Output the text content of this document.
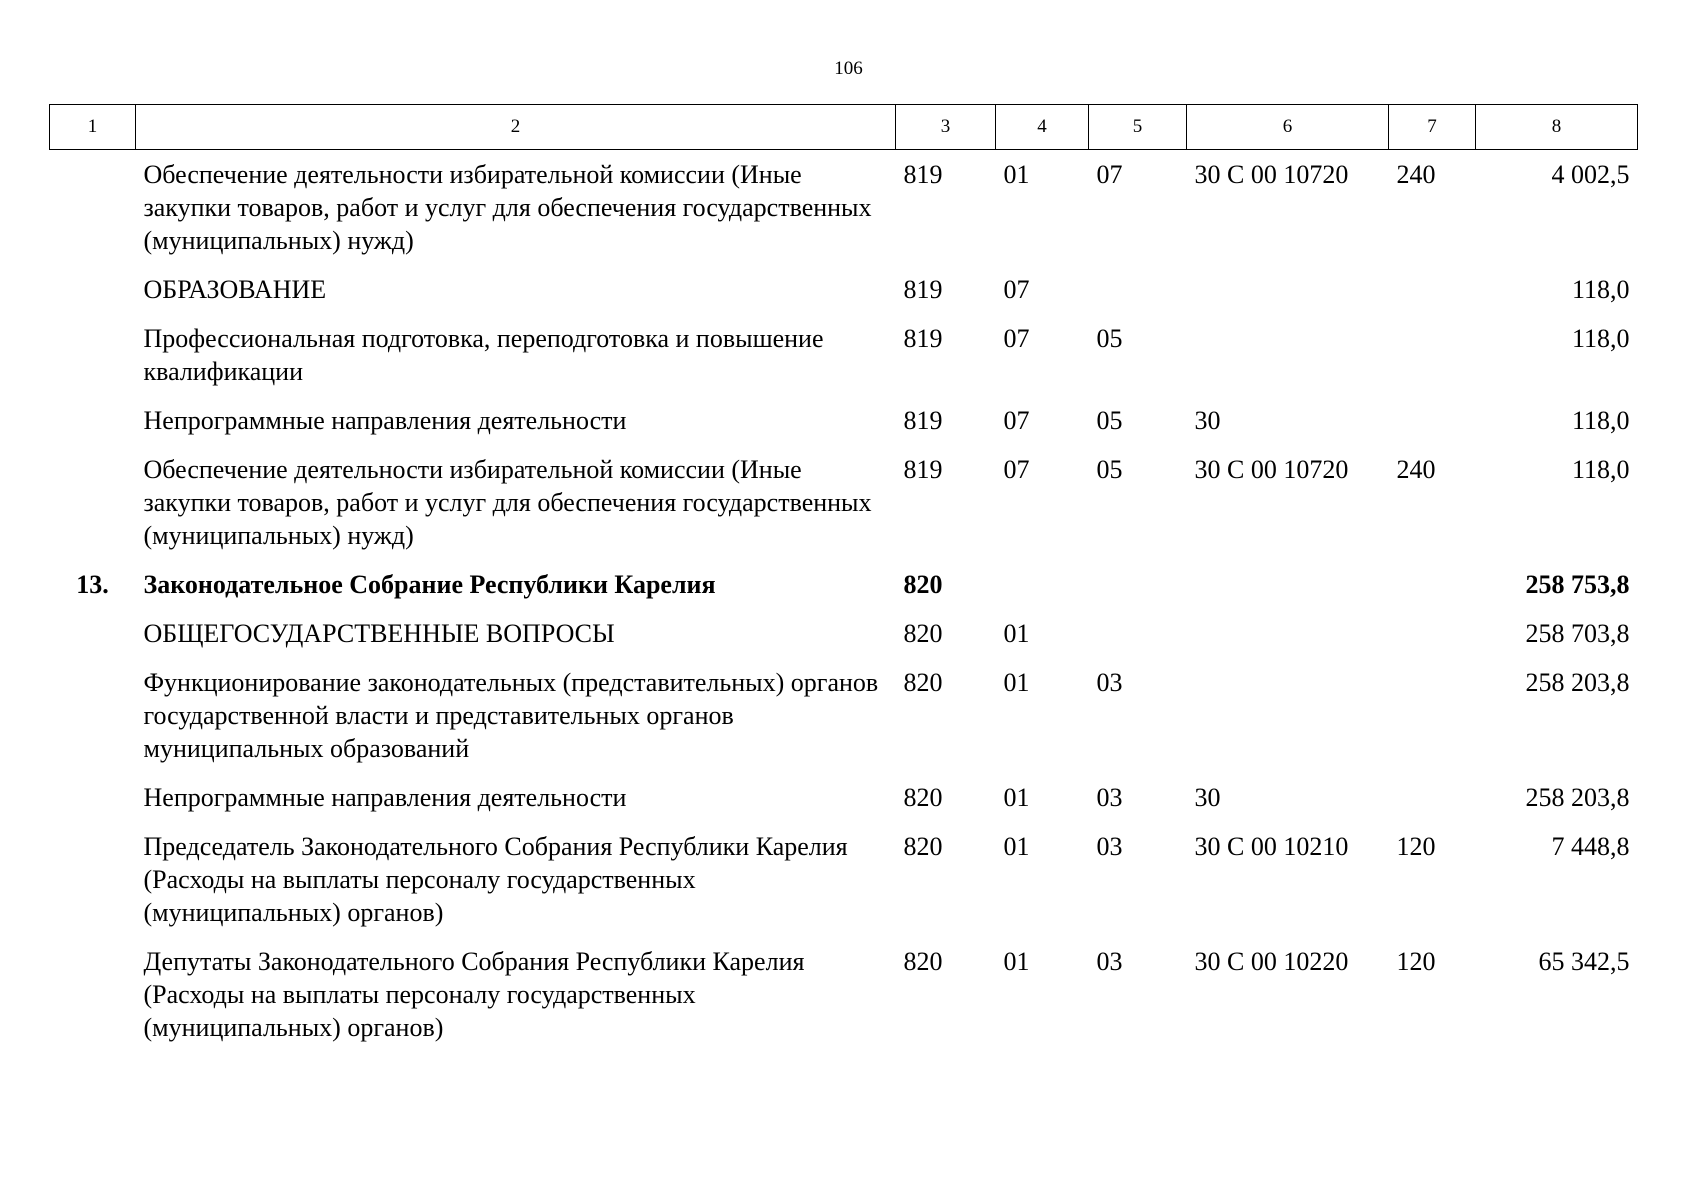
106
1	2	3	4	5	6	7	8
	Обеспечение деятельности избирательной комиссии (Иные закупки товаров, работ и услуг для обеспечения государственных (муниципальных) нужд)	819	01	07	30 С 00 10720	240	4 002,5
	ОБРАЗОВАНИЕ	819	07				118,0
	Профессиональная подготовка, переподготовка и повышение квалификации	819	07	05			118,0
	Непрограммные направления деятельности	819	07	05	30		118,0
	Обеспечение деятельности избирательной комиссии (Иные закупки товаров, работ и услуг для обеспечения государственных (муниципальных) нужд)	819	07	05	30 С 00 10720	240	118,0
13.	Законодательное Собрание Республики Карелия	820					258 753,8
	ОБЩЕГОСУДАРСТВЕННЫЕ ВОПРОСЫ	820	01				258 703,8
	Функционирование законодательных (представительных) органов государственной власти и представительных органов муниципальных образований	820	01	03			258 203,8
	Непрограммные направления деятельности	820	01	03	30		258 203,8
	Председатель Законодательного Собрания Республики Карелия (Расходы на выплаты персоналу государственных (муниципальных) органов)	820	01	03	30 С 00 10210	120	7 448,8
	Депутаты Законодательного Собрания Республики Карелия (Расходы на выплаты персоналу государственных (муниципальных) органов)	820	01	03	30 С 00 10220	120	65 342,5
